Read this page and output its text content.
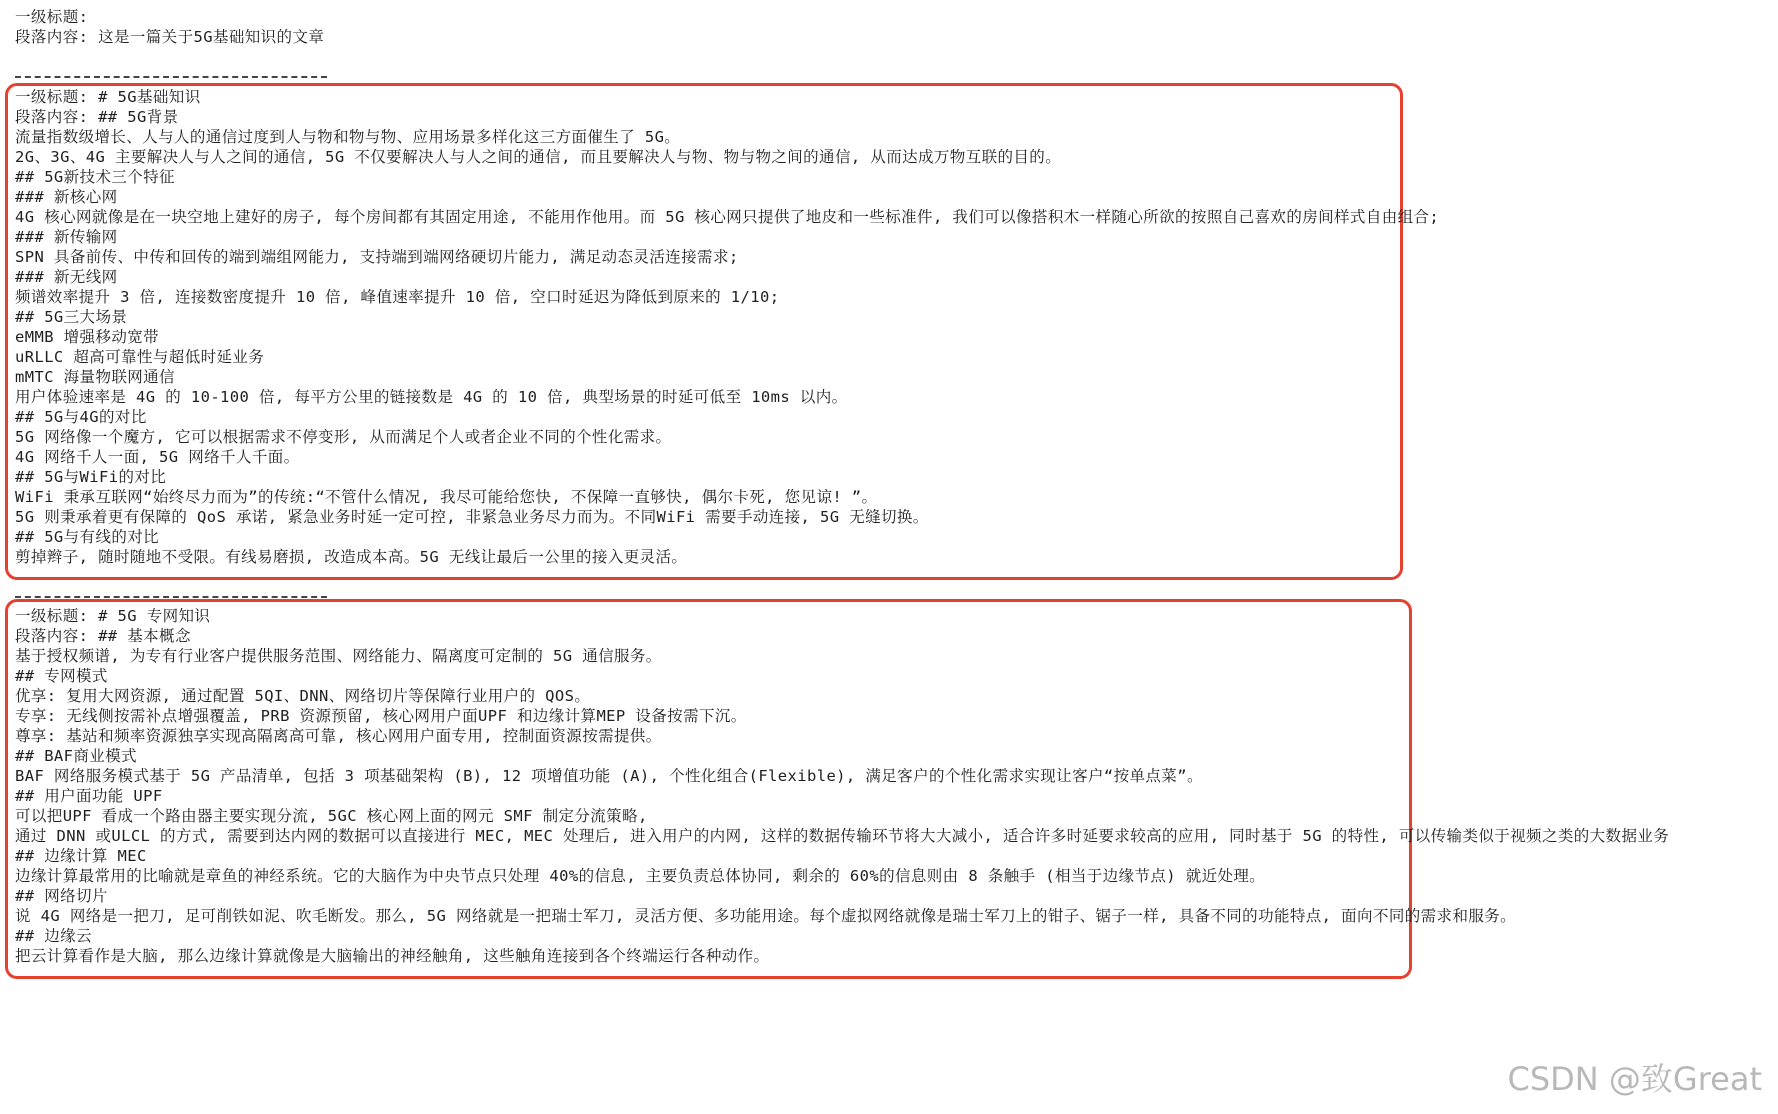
一级标题:
段落内容: 这是一篇关于5G基础知识的文章
一级标题: # 5G基础知识
段落内容: ## 5G背景
流量指数级增长、人与人的通信过度到人与物和物与物、应用场景多样化这三方面催生了 5G。
2G、3G、4G 主要解决人与人之间的通信, 5G 不仅要解决人与人之间的通信, 而且要解决人与物、物与物之间的通信, 从而达成万物互联的目的。
## 5G新技术三个特征
### 新核心网
4G 核心网就像是在一块空地上建好的房子, 每个房间都有其固定用途, 不能用作他用。而 5G 核心网只提供了地皮和一些标准件, 我们可以像搭积木一样随心所欲的按照自己喜欢的房间样式自由组合;
### 新传输网
SPN 具备前传、中传和回传的端到端组网能力, 支持端到端网络硬切片能力, 满足动态灵活连接需求;
### 新无线网
频谱效率提升 3 倍, 连接数密度提升 10 倍, 峰值速率提升 10 倍, 空口时延迟为降低到原来的 1/10;
## 5G三大场景
eMMB 增强移动宽带
uRLLC 超高可靠性与超低时延业务
mMTC 海量物联网通信
用户体验速率是 4G 的 10-100 倍, 每平方公里的链接数是 4G 的 10 倍, 典型场景的时延可低至 10ms 以内。
## 5G与4G的对比
5G 网络像一个魔方, 它可以根据需求不停变形, 从而满足个人或者企业不同的个性化需求。
4G 网络千人一面, 5G 网络千人千面。
## 5G与WiFi的对比
WiFi 秉承互联网“始终尽力而为”的传统:“不管什么情况, 我尽可能给您快, 不保障一直够快, 偶尔卡死, 您见谅! ”。
5G 则秉承着更有保障的 QoS 承诺, 紧急业务时延一定可控, 非紧急业务尽力而为。不同WiFi 需要手动连接, 5G 无缝切换。
## 5G与有线的对比
剪掉辫子, 随时随地不受限。有线易磨损, 改造成本高。5G 无线让最后一公里的接入更灵活。
一级标题: # 5G 专网知识
段落内容: ## 基本概念
基于授权频谱, 为专有行业客户提供服务范围、网络能力、隔离度可定制的 5G 通信服务。
## 专网模式
优享: 复用大网资源, 通过配置 5QI、DNN、网络切片等保障行业用户的 QOS。
专享: 无线侧按需补点增强覆盖, PRB 资源预留, 核心网用户面UPF 和边缘计算MEP 设备按需下沉。
尊享: 基站和频率资源独享实现高隔离高可靠, 核心网用户面专用, 控制面资源按需提供。
## BAF商业模式
BAF 网络服务模式基于 5G 产品清单, 包括 3 项基础架构 (B), 12 项增值功能 (A), 个性化组合(Flexible), 满足客户的个性化需求实现让客户“按单点菜”。
## 用户面功能 UPF
可以把UPF 看成一个路由器主要实现分流, 5GC 核心网上面的网元 SMF 制定分流策略,
通过 DNN 或ULCL 的方式, 需要到达内网的数据可以直接进行 MEC, MEC 处理后, 进入用户的内网, 这样的数据传输环节将大大减小, 适合许多时延要求较高的应用, 同时基于 5G 的特性, 可以传输类似于视频之类的大数据业务
## 边缘计算 MEC
边缘计算最常用的比喻就是章鱼的神经系统。它的大脑作为中央节点只处理 40%的信息, 主要负责总体协同, 剩余的 60%的信息则由 8 条触手 (相当于边缘节点) 就近处理。
## 网络切片
说 4G 网络是一把刀, 足可削铁如泥、吹毛断发。那么, 5G 网络就是一把瑞士军刀, 灵活方便、多功能用途。每个虚拟网络就像是瑞士军刀上的钳子、锯子一样, 具备不同的功能特点, 面向不同的需求和服务。
## 边缘云
把云计算看作是大脑, 那么边缘计算就像是大脑输出的神经触角, 这些触角连接到各个终端运行各种动作。
CSDN @致Great
